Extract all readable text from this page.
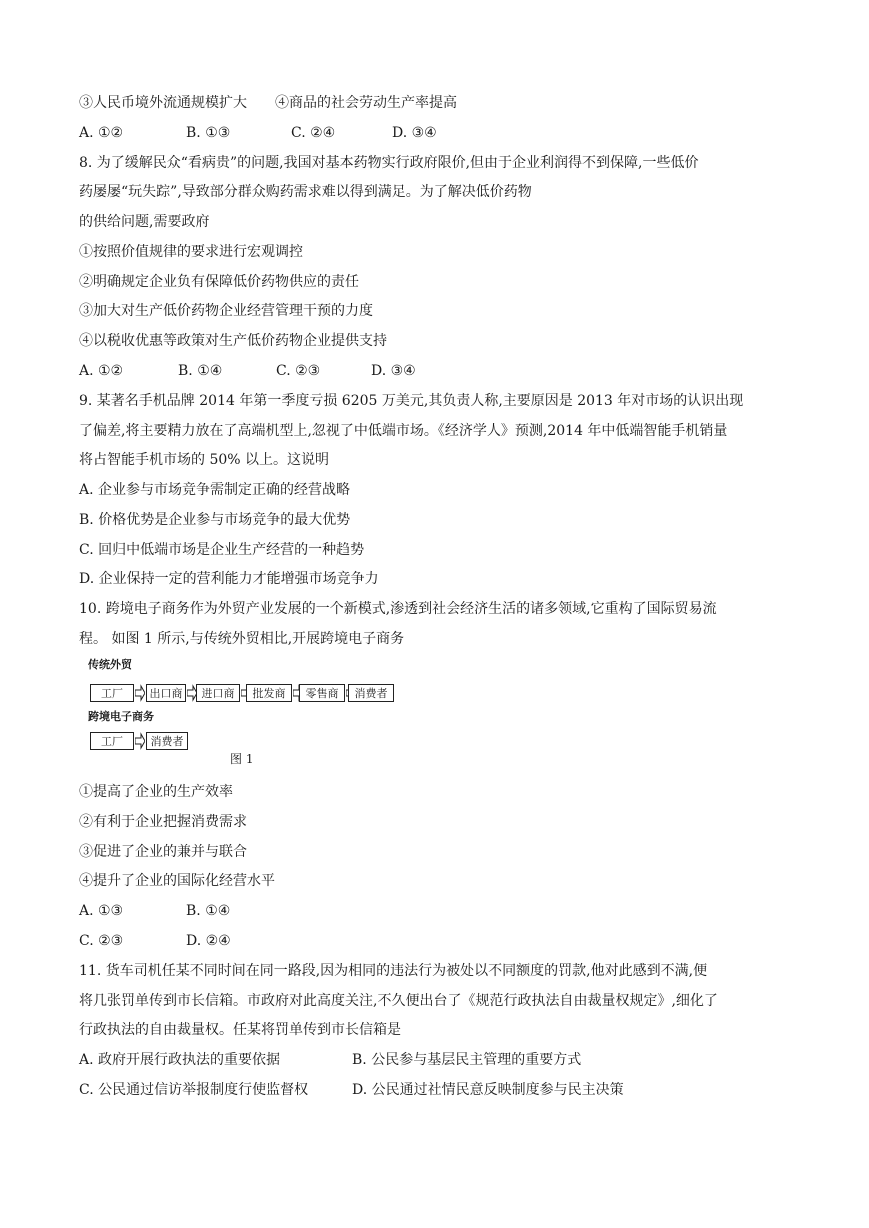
③人民币境外流通规模扩大　　④商品的社会劳动生产率提高
A. ①②	B. ①③	C. ②④	D. ③④
8. 为了缓解民众“看病贵”的问题,我国对基本药物实行政府限价,但由于企业利润得不到保障,一些低价
药屡屡“玩失踪”,导致部分群众购药需求难以得到满足。为了解决低价药物
的供给问题,需要政府
①按照价值规律的要求进行宏观调控
②明确规定企业负有保障低价药物供应的责任
③加大对生产低价药物企业经营管理干预的力度
④以税收优惠等政策对生产低价药物企业提供支持
A. ①②	B. ①④	C. ②③	D. ③④
9. 某著名手机品牌 2014 年第一季度亏损 6205 万美元,其负责人称,主要原因是 2013 年对市场的认识出现
了偏差,将主要精力放在了高端机型上,忽视了中低端市场。《经济学人》预测,2014 年中低端智能手机销量
将占智能手机市场的 50% 以上。这说明
A. 企业参与市场竞争需制定正确的经营战略
B. 价格优势是企业参与市场竞争的最大优势
C. 回归中低端市场是企业生产经营的一种趋势
D. 企业保持一定的营利能力才能增强市场竞争力
10. 跨境电子商务作为外贸产业发展的一个新模式,渗透到社会经济生活的诸多领域,它重构了国际贸易流
程。 如图 1 所示,与传统外贸相比,开展跨境电子商务
传统外贸
工厂	出口商	进口商	批发商	零售商	消费者
跨境电子商务
工厂	消费者
图 1
①提高了企业的生产效率
②有利于企业把握消费需求
③促进了企业的兼并与联合
④提升了企业的国际化经营水平
A. ①③	B. ①④
C. ②③	D. ②④
11. 货车司机任某不同时间在同一路段,因为相同的违法行为被处以不同额度的罚款,他对此感到不满,便
将几张罚单传到市长信箱。市政府对此高度关注,不久便出台了《规范行政执法自由裁量权规定》,细化了
行政执法的自由裁量权。任某将罚单传到市长信箱是
A. 政府开展行政执法的重要依据	B. 公民参与基层民主管理的重要方式
C. 公民通过信访举报制度行使监督权	D. 公民通过社情民意反映制度参与民主决策
